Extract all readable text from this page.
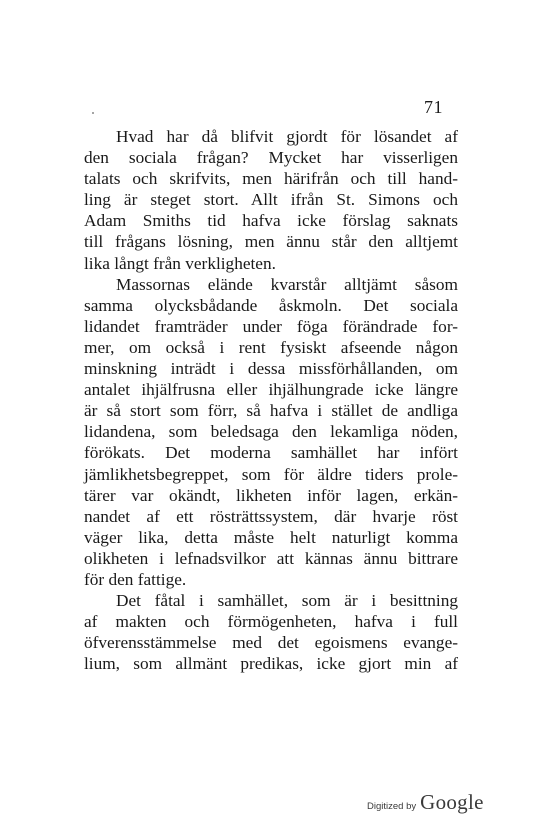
71
Hvad har då blifvit gjordt för lösandet af
den sociala frågan? Mycket har visserligen
talats och skrifvits, men härifrån och till hand-
ling är steget stort. Allt ifrån St. Simons och
Adam Smiths tid hafva icke förslag saknats
till frågans lösning, men ännu står den alltjemt
lika långt från verkligheten.
Massornas elände kvarstår alltjämt såsom
samma olycksbådande åskmoln. Det sociala
lidandet framträder under föga förändrade for-
mer, om också i rent fysiskt afseende någon
minskning inträdt i dessa missförhållanden, om
antalet ihjälfrusna eller ihjälhungrade icke längre
är så stort som förr, så hafva i stället de andliga
lidandena, som beledsaga den lekamliga nöden,
förökats. Det moderna samhället har infört
jämlikhetsbegreppet, som för äldre tiders prole-
tärer var okändt, likheten inför lagen, erkän-
nandet af ett rösträttssystem, där hvarje röst
väger lika, detta måste helt naturligt komma
olikheten i lefnadsvilkor att kännas ännu bittrare
för den fattige.
Det fåtal i samhället, som är i besittning
af makten och förmögenheten, hafva i full
öfverensstämmelse med det egoismens evange-
lium, som allmänt predikas, icke gjort min af
Digitized by Google
